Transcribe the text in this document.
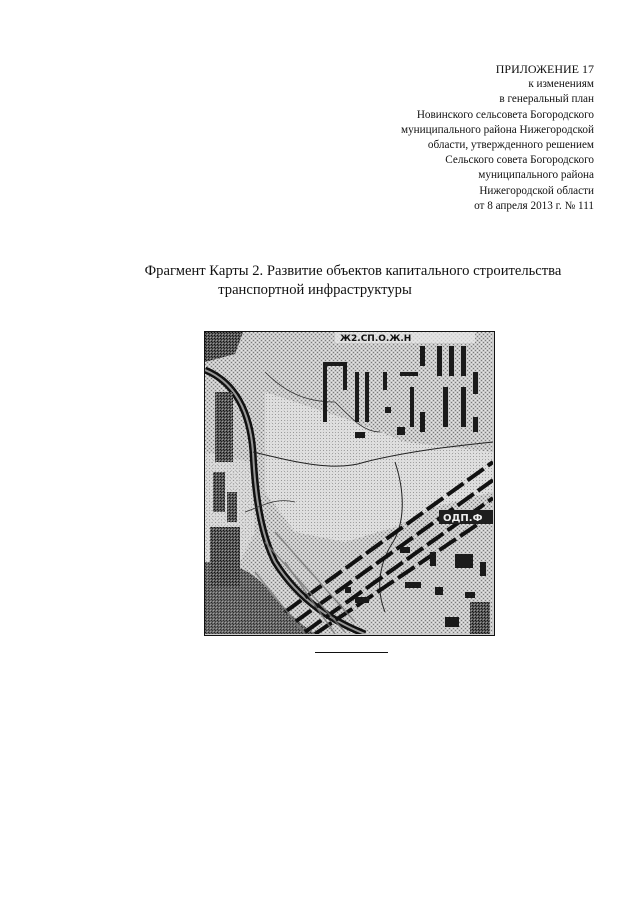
ПРИЛОЖЕНИЕ 17
к изменениям
в генеральный план
Новинского сельсовета Богородского
муниципального района Нижегородской
области, утвержденного решением
Сельского совета Богородского
муниципального района
Нижегородской области
от 8 апреля 2013 г. № 111
Фрагмент Карты 2. Развитие объектов капитального строительства
транспортной инфраструктуры
Ж2.СП.О.Ж.Н
ОДП.Ф
